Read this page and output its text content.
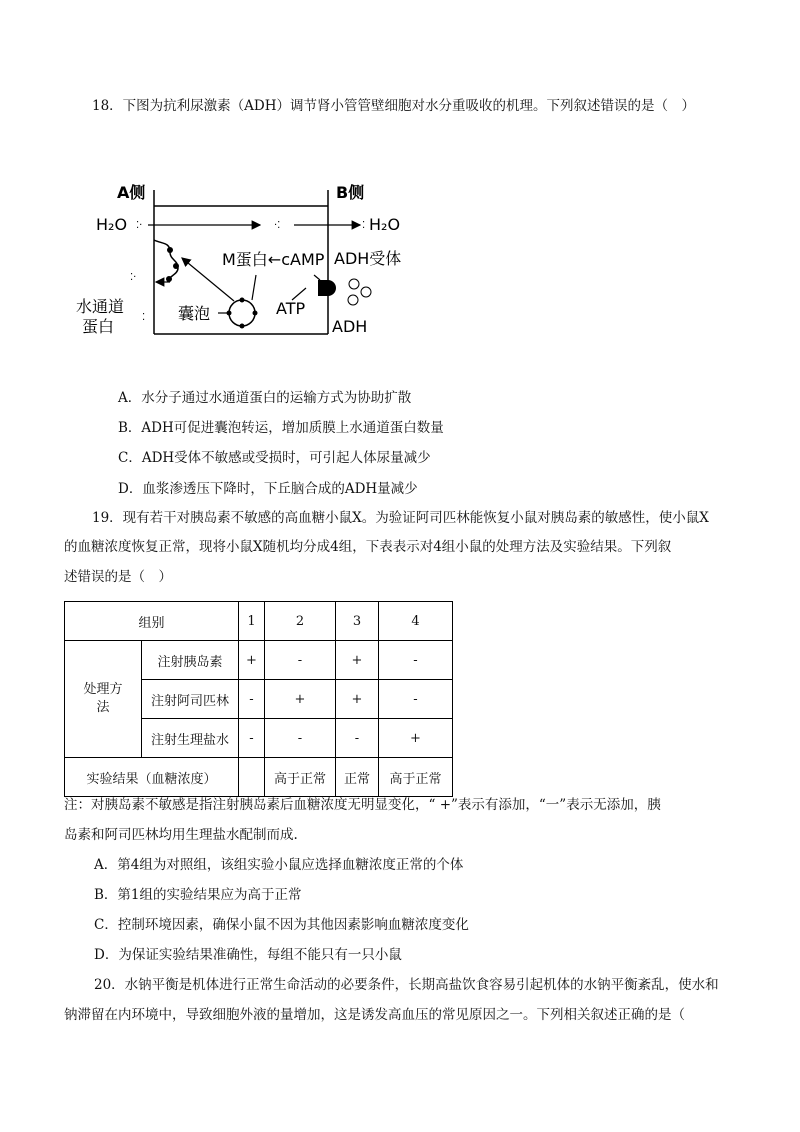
18．下图为抗利尿激素（ADH）调节肾小管管壁细胞对水分重吸收的机理。下列叙述错误的是（　）
A侧	B侧
H₂O ⁚·	·⁚	⁚ H₂O
⁚·
水通道
蛋白	⁚ 囊泡
M蛋白←cAMP ADH受体
ATP
ADH
A．水分子通过水通道蛋白的运输方式为协助扩散
B．ADH可促进囊泡转运，增加质膜上水通道蛋白数量
C．ADH受体不敏感或受损时，可引起人体尿量减少
D．血浆渗透压下降时，下丘脑合成的ADH量减少
19．现有若干对胰岛素不敏感的高血糖小鼠X。为验证阿司匹林能恢复小鼠对胰岛素的敏感性，使小鼠X
的血糖浓度恢复正常，现将小鼠X随机均分成4组，下表表示对4组小鼠的处理方法及实验结果。下列叙
述错误的是（　）
组别		1	2	3	4
处理方
法	注射胰岛素	+	-	+	-
	注射阿司匹林	-	+	+	-
	注射生理盐水	-	-	-	+
实验结果（血糖浓度）			高于正常	正常	高于正常
注：对胰岛素不敏感是指注射胰岛素后血糖浓度无明显变化，“ +”表示有添加，“一”表示无添加，胰
岛素和阿司匹林均用生理盐水配制而成.
A．第4组为对照组，该组实验小鼠应选择血糖浓度正常的个体
B．第1组的实验结果应为高于正常
C．控制环境因素，确保小鼠不因为其他因素影响血糖浓度变化
D．为保证实验结果准确性，每组不能只有一只小鼠
20．水钠平衡是机体进行正常生命活动的必要条件，长期高盐饮食容易引起机体的水钠平衡紊乱，使水和
钠滞留在内环境中，导致细胞外液的量增加，这是诱发高血压的常见原因之一。下列相关叙述正确的是（
